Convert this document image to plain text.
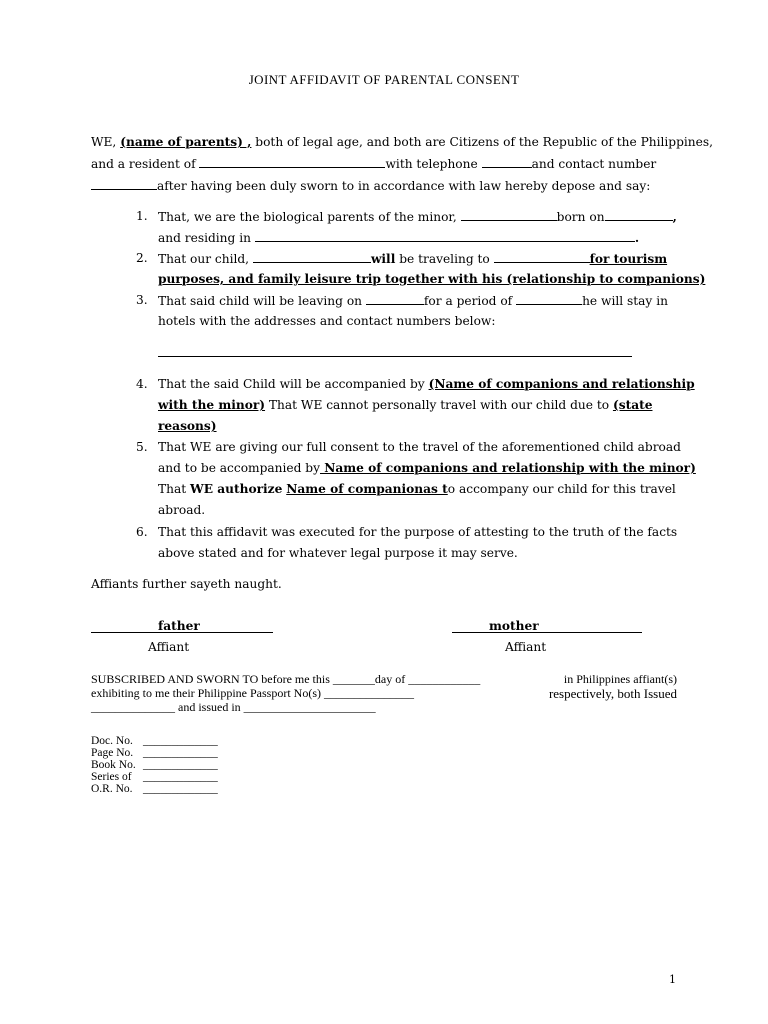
JOINT AFFIDAVIT OF PARENTAL CONSENT
WE, (name of parents) , both of legal age, and both are Citizens of the Republic of the Philippines,
and a resident of	with telephone	and contact number
after having been duly sworn to in accordance with law hereby depose and say:
1. That, we are the biological parents of the minor,	born on	,
and residing in	.
2. That our child,	will be traveling to	for tourism
purposes, and family leisure trip together with his (relationship to companions)
3. That said child will be leaving on	for a period of	he will stay in
hotels with the addresses and contact numbers below:
4. That the said Child will be accompanied by (Name of companions and relationship
with the minor) That WE cannot personally travel with our child due to (state
reasons)
5. That WE are giving our full consent to the travel of the aforementioned child abroad
and to be accompanied by Name of companions and relationship with the minor)
That WE authorize Name of companionas to accompany our child for this travel
abroad.
6. That this affidavit was executed for the purpose of attesting to the truth of the facts
above stated and for whatever legal purpose it may serve.
Affiants further sayeth naught.
father	mother
Affiant	Affiant
SUBSCRIBED AND SWORN TO before me this _______day of ____________	in Philippines affiant(s)
exhibiting to me their Philippine Passport No(s) _______________	respectively, both Issued
______________ and issued in ______________________
Doc. No. _____________
Page No. _____________
Book No. _____________
Series of _____________
O.R. No. _____________
1
